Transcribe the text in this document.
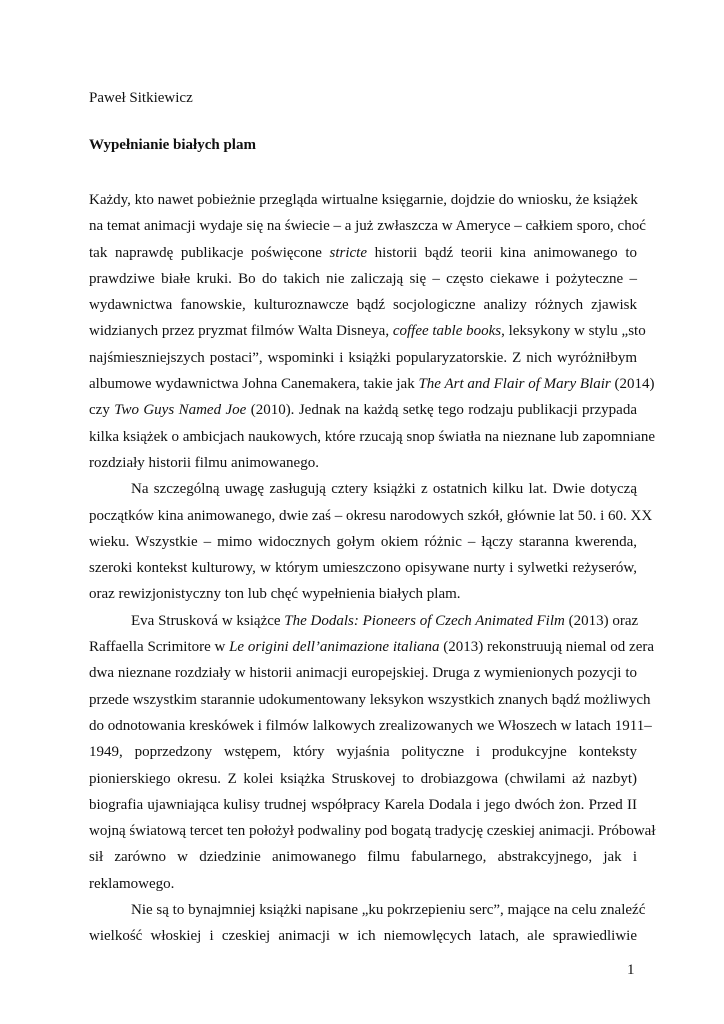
Paweł Sitkiewicz
Wypełnianie białych plam

Każdy, kto nawet pobieżnie przegląda wirtualne księgarnie, dojdzie do wniosku, że książek
na temat animacji wydaje się na świecie – a już zwłaszcza w Ameryce – całkiem sporo, choć
tak naprawdę publikacje poświęcone stricte historii bądź teorii kina animowanego to
prawdziwe białe kruki. Bo do takich nie zaliczają się – często ciekawe i pożyteczne –
wydawnictwa fanowskie, kulturoznawcze bądź socjologiczne analizy różnych zjawisk
widzianych przez pryzmat filmów Walta Disneya, coffee table books, leksykony w stylu „sto
najśmieszniejszych postaci”, wspominki i książki popularyzatorskie. Z nich wyróżniłbym
albumowe wydawnictwa Johna Canemakera, takie jak The Art and Flair of Mary Blair (2014)
czy Two Guys Named Joe (2010). Jednak na każdą setkę tego rodzaju publikacji przypada
kilka książek o ambicjach naukowych, które rzucają snop światła na nieznane lub zapomniane
rozdziały historii filmu animowanego.

Na szczególną uwagę zasługują cztery książki z ostatnich kilku lat. Dwie dotyczą
początków kina animowanego, dwie zaś – okresu narodowych szkół, głównie lat 50. i 60. XX
wieku. Wszystkie – mimo widocznych gołym okiem różnic – łączy staranna kwerenda,
szeroki kontekst kulturowy, w którym umieszczono opisywane nurty i sylwetki reżyserów,
oraz rewizjonistyczny ton lub chęć wypełnienia białych plam.

Eva Strusková w książce The Dodals: Pioneers of Czech Animated Film (2013) oraz
Raffaella Scrimitore w Le origini dell’animazione italiana (2013) rekonstruują niemal od zera
dwa nieznane rozdziały w historii animacji europejskiej. Druga z wymienionych pozycji to
przede wszystkim starannie udokumentowany leksykon wszystkich znanych bądź możliwych
do odnotowania kreskówek i filmów lalkowych zrealizowanych we Włoszech w latach 1911–
1949, poprzedzony wstępem, który wyjaśnia polityczne i produkcyjne konteksty
pionierskiego okresu. Z kolei książka Struskovej to drobiazgowa (chwilami aż nazbyt)
biografia ujawniająca kulisy trudnej współpracy Karela Dodala i jego dwóch żon. Przed II
wojną światową tercet ten położył podwaliny pod bogatą tradycję czeskiej animacji. Próbował
sił zarówno w dziedzinie animowanego filmu fabularnego, abstrakcyjnego, jak i
reklamowego.

Nie są to bynajmniej książki napisane „ku pokrzepieniu serc”, mające na celu znaleźć
wielkość włoskiej i czeskiej animacji w ich niemowlęcych latach, ale sprawiedliwie

1
